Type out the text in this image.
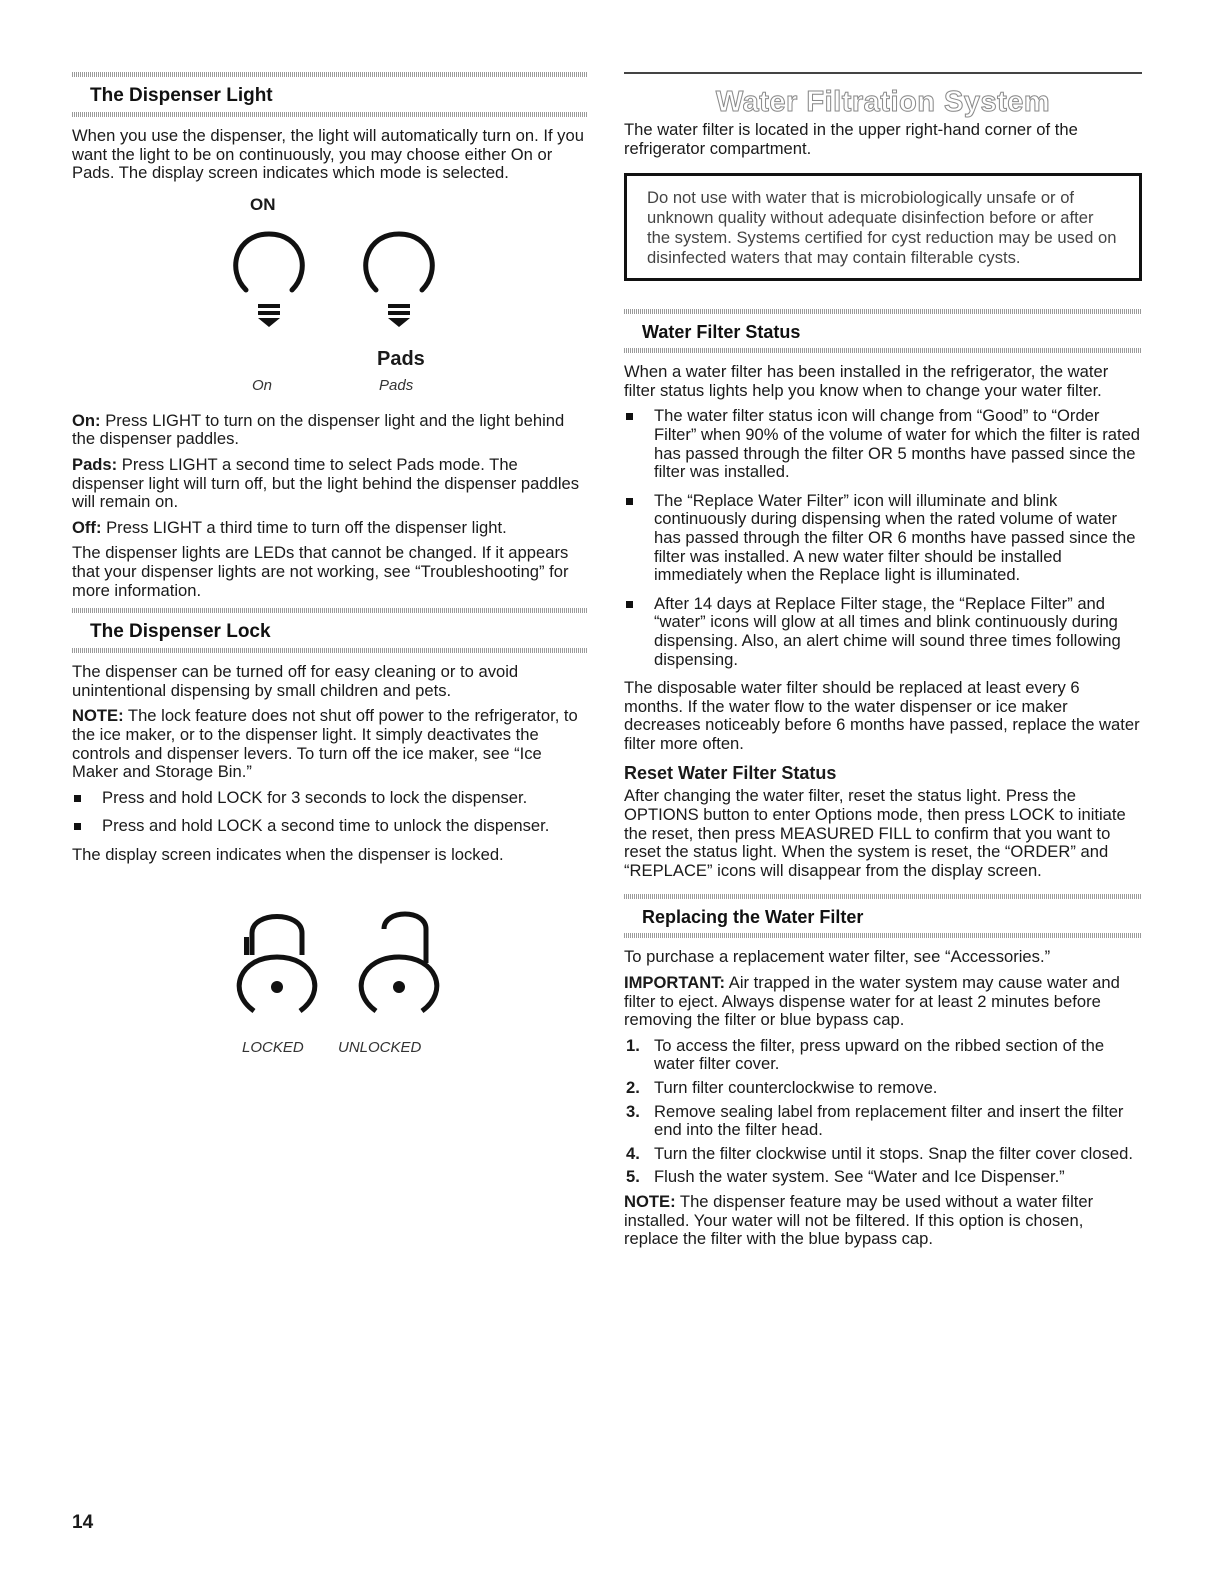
The Dispenser Light

When you use the dispenser, the light will automatically turn on. If you want the light to be on continuously, you may choose either On or Pads. The display screen indicates which mode is selected.

ON
Pads
On	Pads

On: Press LIGHT to turn on the dispenser light and the light behind the dispenser paddles.

Pads: Press LIGHT a second time to select Pads mode. The dispenser light will turn off, but the light behind the dispenser paddles will remain on.

Off: Press LIGHT a third time to turn off the dispenser light.

The dispenser lights are LEDs that cannot be changed. If it appears that your dispenser lights are not working, see “Troubleshooting” for more information.

The Dispenser Lock

The dispenser can be turned off for easy cleaning or to avoid unintentional dispensing by small children and pets.

NOTE: The lock feature does not shut off power to the refrigerator, to the ice maker, or to the dispenser light. It simply deactivates the controls and dispenser levers. To turn off the ice maker, see “Ice Maker and Storage Bin.”

Press and hold LOCK for 3 seconds to lock the dispenser.
Press and hold LOCK a second time to unlock the dispenser.

The display screen indicates when the dispenser is locked.

LOCKED UNLOCKED
Water Filtration System

The water filter is located in the upper right-hand corner of the refrigerator compartment.

Do not use with water that is microbiologically unsafe or of unknown quality without adequate disinfection before or after the system. Systems certified for cyst reduction may be used on disinfected waters that may contain filterable cysts.

Water Filter Status

When a water filter has been installed in the refrigerator, the water filter status lights help you know when to change your water filter.

The water filter status icon will change from “Good” to “Order Filter” when 90% of the volume of water for which the filter is rated has passed through the filter OR 5 months have passed since the filter was installed.
The “Replace Water Filter” icon will illuminate and blink continuously during dispensing when the rated volume of water has passed through the filter OR 6 months have passed since the filter was installed. A new water filter should be installed immediately when the Replace light is illuminated.
After 14 days at Replace Filter stage, the “Replace Filter” and “water” icons will glow at all times and blink continuously during dispensing. Also, an alert chime will sound three times following dispensing.

The disposable water filter should be replaced at least every 6 months. If the water flow to the water dispenser or ice maker decreases noticeably before 6 months have passed, replace the water filter more often.

Reset Water Filter Status

After changing the water filter, reset the status light. Press the OPTIONS button to enter Options mode, then press LOCK to initiate the reset, then press MEASURED FILL to confirm that you want to reset the status light. When the system is reset, the “ORDER” and “REPLACE” icons will disappear from the display screen.

Replacing the Water Filter

To purchase a replacement water filter, see “Accessories.”

IMPORTANT: Air trapped in the water system may cause water and filter to eject. Always dispense water for at least 2 minutes before removing the filter or blue bypass cap.

1. To access the filter, press upward on the ribbed section of the water filter cover.
2. Turn filter counterclockwise to remove.
3. Remove sealing label from replacement filter and insert the filter end into the filter head.
4. Turn the filter clockwise until it stops. Snap the filter cover closed.
5. Flush the water system. See “Water and Ice Dispenser.”

NOTE: The dispenser feature may be used without a water filter installed. Your water will not be filtered. If this option is chosen, replace the filter with the blue bypass cap.

14
